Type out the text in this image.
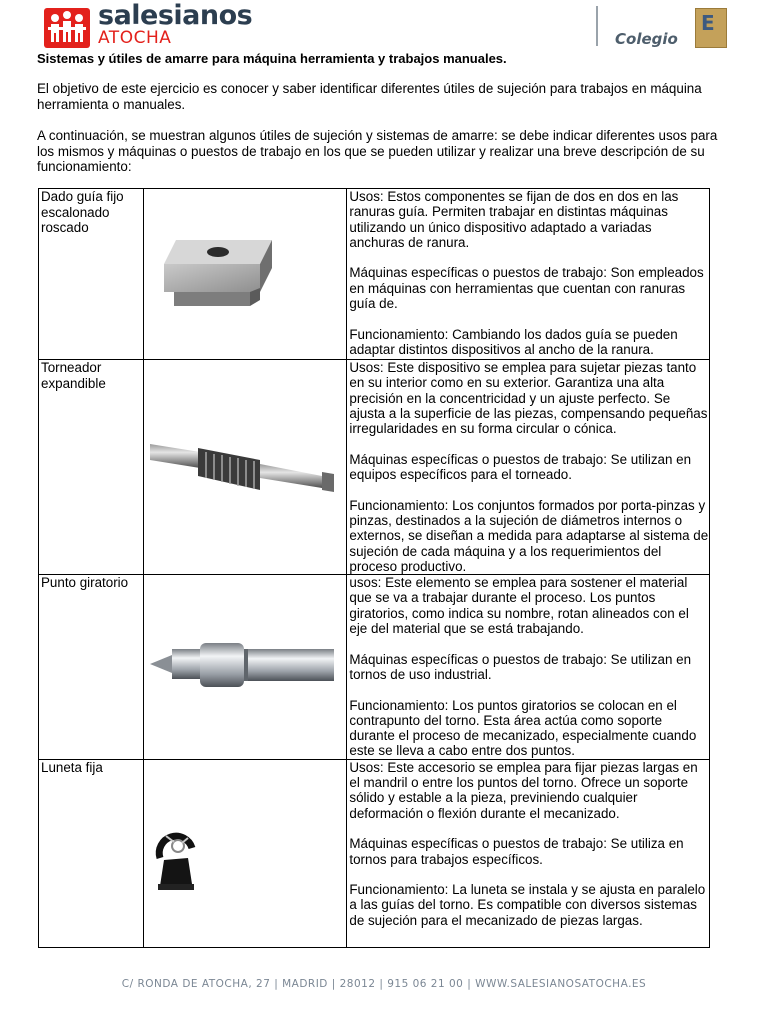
salesianos
ATOCHA	Colegio
E
Sistemas y útiles de amarre para máquina herramienta y trabajos manuales.
El objetivo de este ejercicio es conocer y saber identificar diferentes útiles de sujeción para trabajos en máquina herramienta o manuales.
A continuación, se muestran algunos útiles de sujeción y sistemas de amarre: se debe indicar diferentes usos para los mismos y máquinas o puestos de trabajo en los que se pueden utilizar y realizar una breve descripción de su funcionamiento:
Dado guía fijo escalonado roscado		Usos: Estos componentes se fijan de dos en dos en las ranuras guía. Permiten trabajar en distintas máquinas utilizando un único dispositivo adaptado a variadas anchuras de ranura.

Máquinas específicas o puestos de trabajo: Son empleados en máquinas con herramientas que cuentan con ranuras guía de.

Funcionamiento: Cambiando los dados guía se pueden adaptar distintos dispositivos al ancho de la ranura.

Torneador expandible		Usos: Este dispositivo se emplea para sujetar piezas tanto en su interior como en su exterior. Garantiza una alta precisión en la concentricidad y un ajuste perfecto. Se ajusta a la superficie de las piezas, compensando pequeñas irregularidades en su forma circular o cónica.

Máquinas específicas o puestos de trabajo: Se utilizan en equipos específicos para el torneado.

Funcionamiento: Los conjuntos formados por porta-pinzas y pinzas, destinados a la sujeción de diámetros internos o externos, se diseñan a medida para adaptarse al sistema de sujeción de cada máquina y a los requerimientos del proceso productivo.

Punto giratorio		usos: Este elemento se emplea para sostener el material que se va a trabajar durante el proceso. Los puntos giratorios, como indica su nombre, rotan alineados con el eje del material que se está trabajando.

Máquinas específicas o puestos de trabajo: Se utilizan en tornos de uso industrial.

Funcionamiento: Los puntos giratorios se colocan en el contrapunto del torno. Esta área actúa como soporte durante el proceso de mecanizado, especialmente cuando este se lleva a cabo entre dos puntos.

Luneta fija		Usos: Este accesorio se emplea para fijar piezas largas en el mandril o entre los puntos del torno. Ofrece un soporte sólido y estable a la pieza, previniendo cualquier deformación o flexión durante el mecanizado.

Máquinas específicas o puestos de trabajo: Se utiliza en tornos para trabajos específicos.

Funcionamiento: La luneta se instala y se ajusta en paralelo a las guías del torno. Es compatible con diversos sistemas de sujeción para el mecanizado de piezas largas.

C/ RONDA DE ATOCHA, 27 | MADRID | 28012 | 915 06 21 00 | WWW.SALESIANOSATOCHA.ES
